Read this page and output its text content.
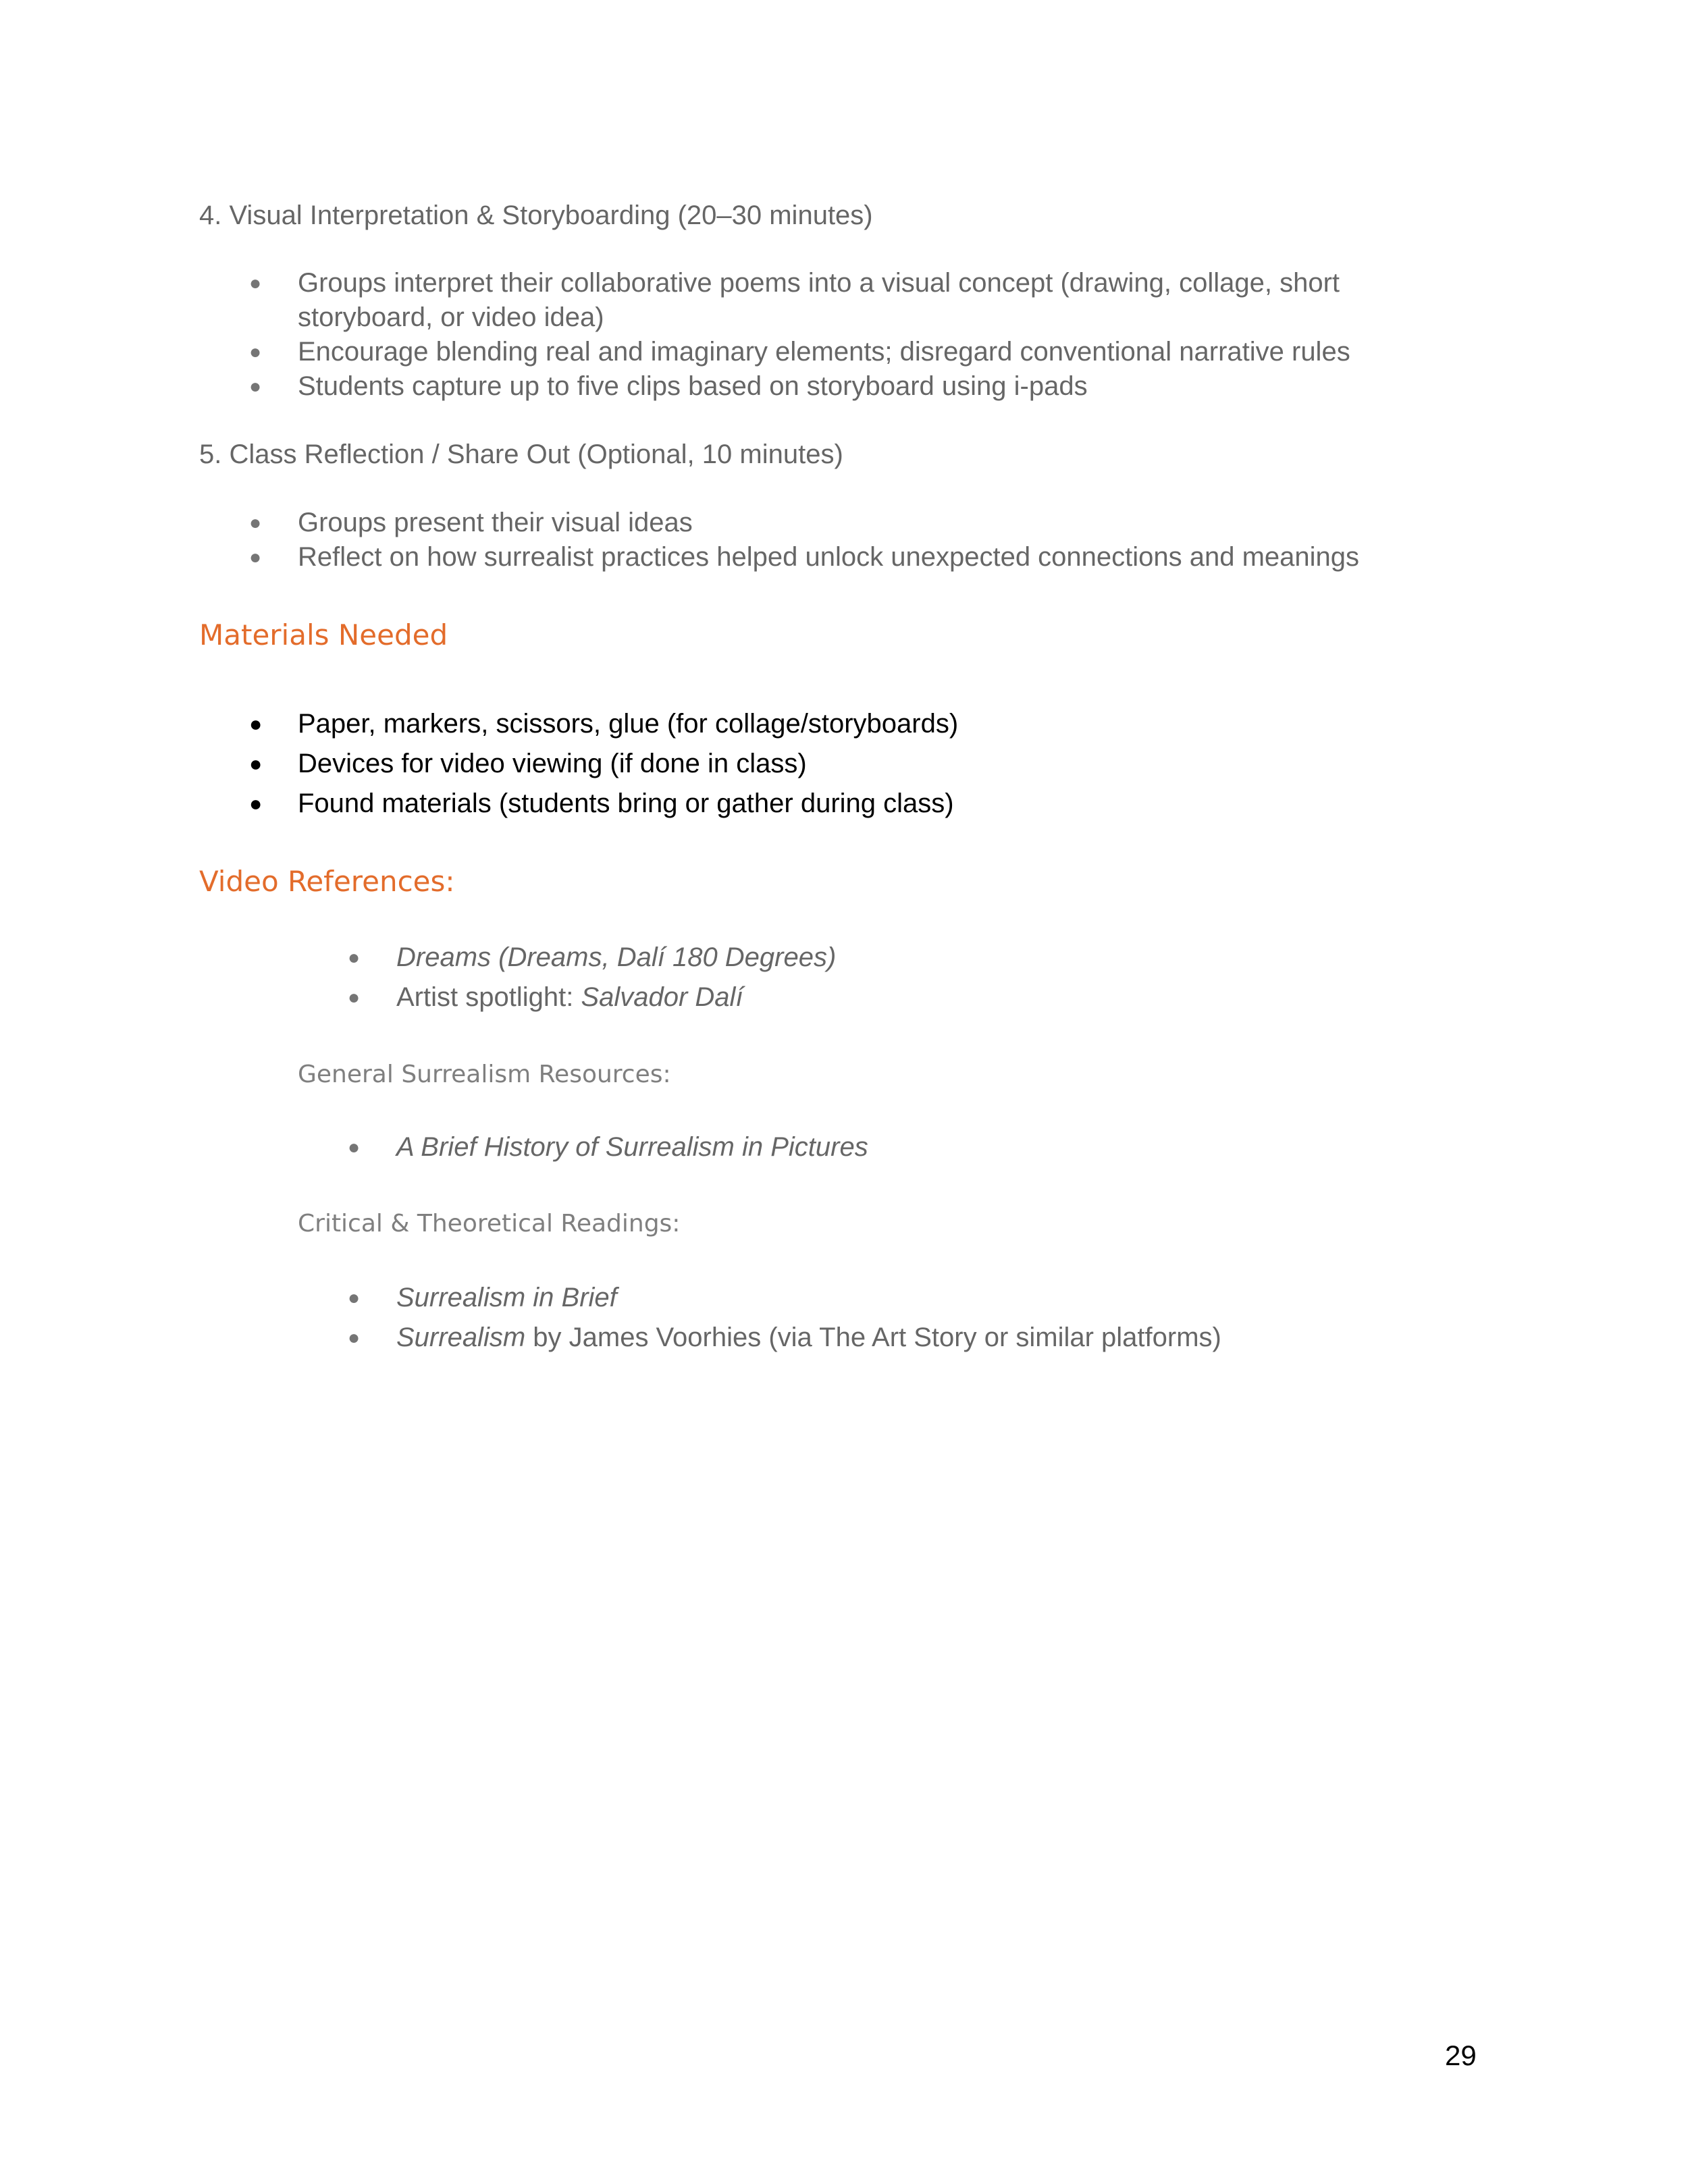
4. Visual Interpretation & Storyboarding (20–30 minutes)
● Groups interpret their collaborative poems into a visual concept (drawing, collage, short storyboard, or video idea)
● Encourage blending real and imaginary elements; disregard conventional narrative rules
● Students capture up to five clips based on storyboard using i-pads
5. Class Reflection / Share Out (Optional, 10 minutes)
● Groups present their visual ideas
● Reflect on how surrealist practices helped unlock unexpected connections and meanings
Materials Needed
● Paper, markers, scissors, glue (for collage/storyboards)
● Devices for video viewing (if done in class)
● Found materials (students bring or gather during class)
Video References:
● Dreams (Dreams, Dalí 180 Degrees)
● Artist spotlight: Salvador Dalí
General Surrealism Resources:
● A Brief History of Surrealism in Pictures
Critical & Theoretical Readings:
● Surrealism in Brief
● Surrealism by James Voorhies (via The Art Story or similar platforms)
29
